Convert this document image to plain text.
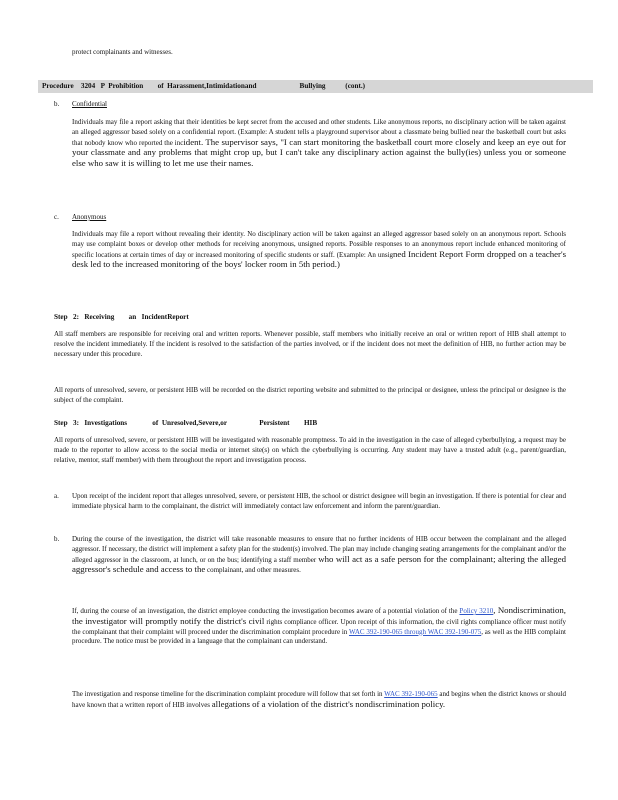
protect complainants and witnesses.

Procedure    3204   P  Prohibition        of  Harassment,Intimidationand                        Bullying           (cont.)
b. Confidential

Individuals may file a report asking that their identities be kept secret from the accused and other students. Like anonymous reports, no disciplinary action will be taken against an alleged aggressor based solely on a confidential report. (Example: A student tells a playground supervisor about a classmate being bullied near the basketball court but asks that nobody know who reported the incident. The supervisor says, "I can start monitoring the basketball court more closely and keep an eye out for your classmate and any problems that might crop up, but I can't take any disciplinary action against the bully(ies) unless you or someone else who saw it is willing to let me use their names.

c. Anonymous

Individuals may file a report without revealing their identity. No disciplinary action will be taken against an alleged aggressor based solely on an anonymous report. Schools may use complaint boxes or develop other methods for receiving anonymous, unsigned reports. Possible responses to an anonymous report include enhanced monitoring of specific locations at certain times of day or increased monitoring of specific students or staff. (Example: An unsigned Incident Report Form dropped on a teacher's desk led to the increased monitoring of the boys' locker room in 5th period.)

Step   2:   Receiving        an   IncidentReport

All staff members are responsible for receiving oral and written reports. Whenever possible, staff members who initially receive an oral or written report of HIB shall attempt to resolve the incident immediately. If the incident is resolved to the satisfaction of the parties involved, or if the incident does not meet the definition of HIB, no further action may be necessary under this procedure.

All reports of unresolved, severe, or persistent HIB will be recorded on the district reporting website and submitted to the principal or designee, unless the principal or designee is the subject of the complaint.

Step   3:   Investigations              of  Unresolved,Severe,or                  Persistent        HIB

All reports of unresolved, severe, or persistent HIB will be investigated with reasonable promptness. To aid in the investigation in the case of alleged cyberbullying, a request may be made to the reporter to allow access to the social media or internet site(s) on which the cyberbullying is occurring. Any student may have a trusted adult (e.g., parent/guardian, relative, mentor, staff member) with them throughout the report and investigation process.

a. Upon receipt of the incident report that alleges unresolved, severe, or persistent HIB, the school or district designee will begin an investigation. If there is potential for clear and immediate physical harm to the complainant, the district will immediately contact law enforcement and inform the parent/guardian.

b. During the course of the investigation, the district will take reasonable measures to ensure that no further incidents of HIB occur between the complainant and the alleged aggressor. If necessary, the district will implement a safety plan for the student(s) involved. The plan may include changing seating arrangements for the complainant and/or the alleged aggressor in the classroom, at lunch, or on the bus; identifying a staff member who will act as a safe person for the complainant; altering the alleged aggressor's schedule and access to the complainant, and other measures.

If, during the course of an investigation, the district employee conducting the investigation becomes aware of a potential violation of the Policy 3210, Nondiscrimination, the investigator will promptly notify the district's civil rights compliance officer. Upon receipt of this information, the civil rights compliance officer must notify the complainant that their complaint will proceed under the discrimination complaint procedure in WAC 392-190-065 through WAC 392-190-075, as well as the HIB complaint procedure. The notice must be provided in a language that the complainant can understand.

The investigation and response timeline for the discrimination complaint procedure will follow that set forth in WAC 392-190-065 and begins when the district knows or should have known that a written report of HIB involves allegations of a violation of the district's nondiscrimination policy.
